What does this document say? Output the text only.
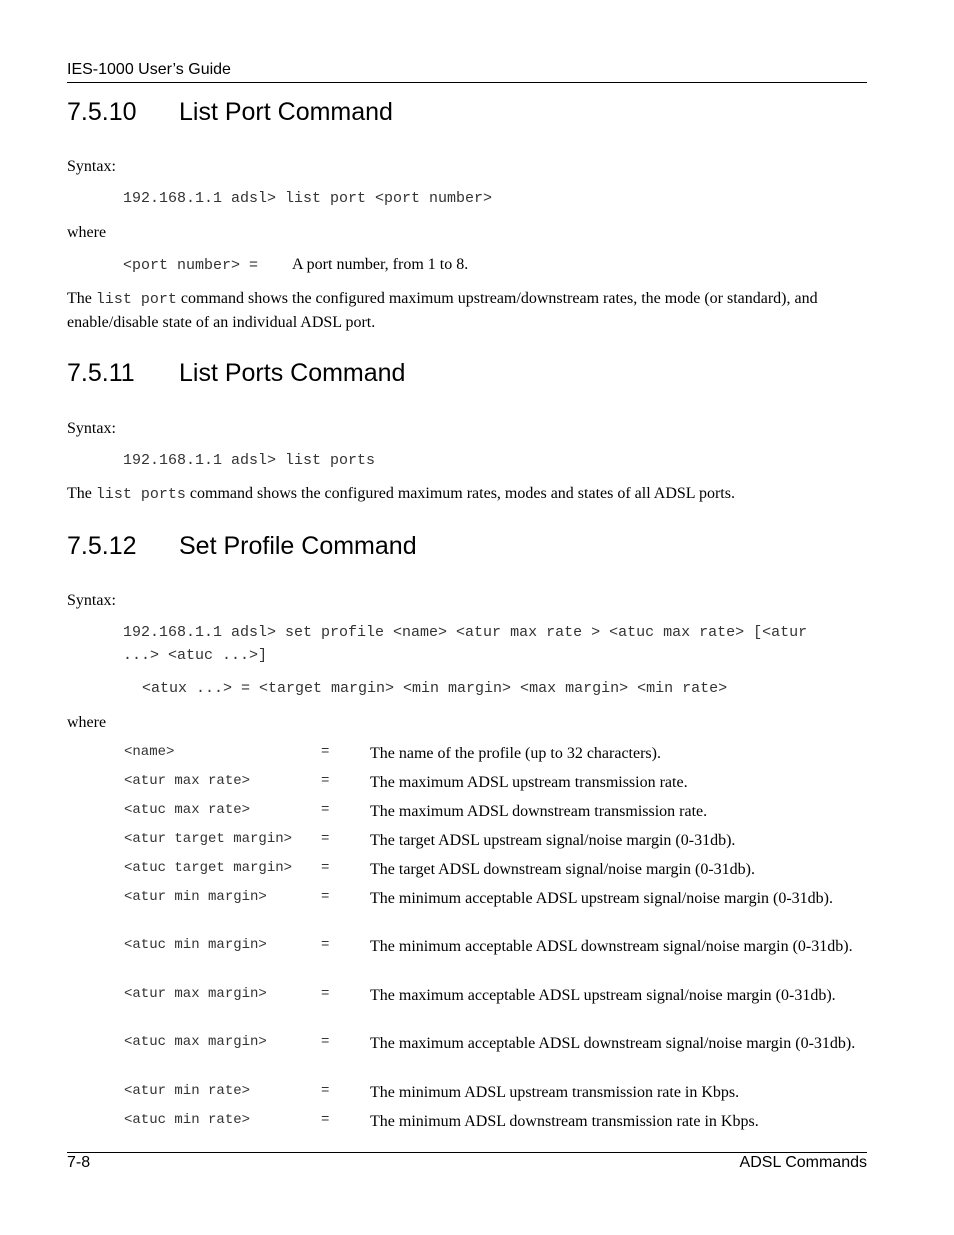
IES-1000 User’s Guide
7.5.10 List Port Command
Syntax:
192.168.1.1 adsl> list port <port number>
where
<port number> = A port number, from 1 to 8.
The list port command shows the configured maximum upstream/downstream rates, the mode (or standard), and enable/disable state of an individual ADSL port.
7.5.11 List Ports Command
Syntax:
192.168.1.1 adsl> list ports
The list ports command shows the configured maximum rates, modes and states of all ADSL ports.
7.5.12 Set Profile Command
Syntax:
192.168.1.1 adsl> set profile <name> <atur max rate > <atuc max rate> [<atur
...> <atuc ...>]
<atux ...> = <target margin> <min margin> <max margin> <min rate>
where
<name>	=	The name of the profile (up to 32 characters).
<atur max rate>	=	The maximum ADSL upstream transmission rate.
<atuc max rate>	=	The maximum ADSL downstream transmission rate.
<atur target margin> =	The target ADSL upstream signal/noise margin (0-31db).
<atuc target margin> =	The target ADSL downstream signal/noise margin (0-31db).
<atur min margin>	=	The minimum acceptable ADSL upstream signal/noise margin (0-31db).
<atuc min margin>	=	The minimum acceptable ADSL downstream signal/noise margin (0-31db).
<atur max margin>	=	The maximum acceptable ADSL upstream signal/noise margin (0-31db).
<atuc max margin>	=	The maximum acceptable ADSL downstream signal/noise margin (0-31db).
<atur min rate>	=	The minimum ADSL upstream transmission rate in Kbps.
<atuc min rate>	=	The minimum ADSL downstream transmission rate in Kbps.
7-8	ADSL Commands
